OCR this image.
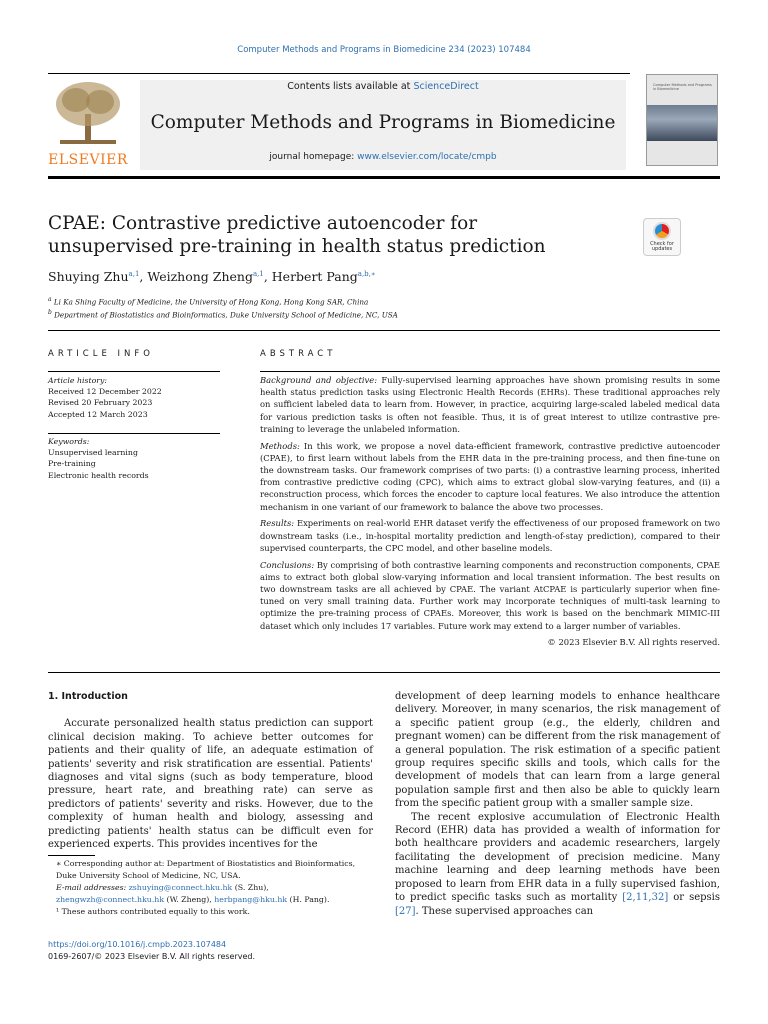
Computer Methods and Programs in Biomedicine 234 (2023) 107484
ELSEVIER
Contents lists available at ScienceDirect
Computer Methods and Programs in Biomedicine
journal homepage: www.elsevier.com/locate/cmpb
Computer Methods and Programs in Biomedicine
CPAE: Contrastive predictive autoencoder for unsupervised pre-training in health status prediction	Check for updates
Shuying Zhu$^{a,1}$, Weizhong Zheng$^{a,1}$, Herbert Pang$^{a,b,∗}$
$^a$ Li Ka Shing Faculty of Medicine, the University of Hong Kong, Hong Kong SAR, China
$^b$ Department of Biostatistics and Bioinformatics, Duke University School of Medicine, NC, USA
ARTICLE INFO	ABSTRACT
Article history:
Received 12 December 2022
Revised 20 February 2023
Accepted 12 March 2023
Keywords:
Unsupervised learning
Pre-training
Electronic health records

Background and objective: Fully-supervised learning approaches have shown promising results in some health status prediction tasks using Electronic Health Records (EHRs). These traditional approaches rely on sufficient labeled data to learn from. However, in practice, acquiring large-scaled labeled medical data for various prediction tasks is often not feasible. Thus, it is of great interest to utilize contrastive pre-training to leverage the unlabeled information.

Methods: In this work, we propose a novel data-efficient framework, contrastive predictive autoencoder (CPAE), to first learn without labels from the EHR data in the pre-training process, and then fine-tune on the downstream tasks. Our framework comprises of two parts: (i) a contrastive learning process, inherited from contrastive predictive coding (CPC), which aims to extract global slow-varying features, and (ii) a reconstruction process, which forces the encoder to capture local features. We also introduce the attention mechanism in one variant of our framework to balance the above two processes.

Results: Experiments on real-world EHR dataset verify the effectiveness of our proposed framework on two downstream tasks (i.e., in-hospital mortality prediction and length-of-stay prediction), compared to their supervised counterparts, the CPC model, and other baseline models.

Conclusions: By comprising of both contrastive learning components and reconstruction components, CPAE aims to extract both global slow-varying information and local transient information. The best results on two downstream tasks are all achieved by CPAE. The variant AtCPAE is particularly superior when fine-tuned on very small training data. Further work may incorporate techniques of multi-task learning to optimize the pre-training process of CPAEs. Moreover, this work is based on the benchmark MIMIC-III dataset which only includes 17 variables. Future work may extend to a larger number of variables.

© 2023 Elsevier B.V. All rights reserved.

1. Introduction

Accurate personalized health status prediction can support clinical decision making. To achieve better outcomes for patients and their quality of life, an adequate estimation of patients' severity and risk stratification are essential. Patients' diagnoses and vital signs (such as body temperature, blood pressure, heart rate, and breathing rate) can serve as predictors of patients' severity and risks. However, due to the complexity of human health and biology, assessing and predicting patients' health status can be difficult even for experienced experts. This provides incentives for the

development of deep learning models to enhance healthcare delivery. Moreover, in many scenarios, the risk management of a specific patient group (e.g., the elderly, children and pregnant women) can be different from the risk management of a general population. The risk estimation of a specific patient group requires specific skills and tools, which calls for the development of models that can learn from a large general population sample first and then also be able to quickly learn from the specific patient group with a smaller sample size.

The recent explosive accumulation of Electronic Health Record (EHR) data has provided a wealth of information for both healthcare providers and academic researchers, largely facilitating the development of precision medicine. Many machine learning and deep learning methods have been proposed to learn from EHR data in a fully supervised fashion, to predict specific tasks such as mortality [2,11,32] or sepsis [27]. These supervised approaches can

∗ Corresponding author at: Department of Biostatistics and Bioinformatics, Duke University School of Medicine, NC, USA.
E-mail addresses: zshuying@connect.hku.hk (S. Zhu), zhengwzh@connect.hku.hk (W. Zheng), herbpang@hku.hk (H. Pang).
¹ These authors contributed equally to this work.
https://doi.org/10.1016/j.cmpb.2023.107484
0169-2607/© 2023 Elsevier B.V. All rights reserved.
